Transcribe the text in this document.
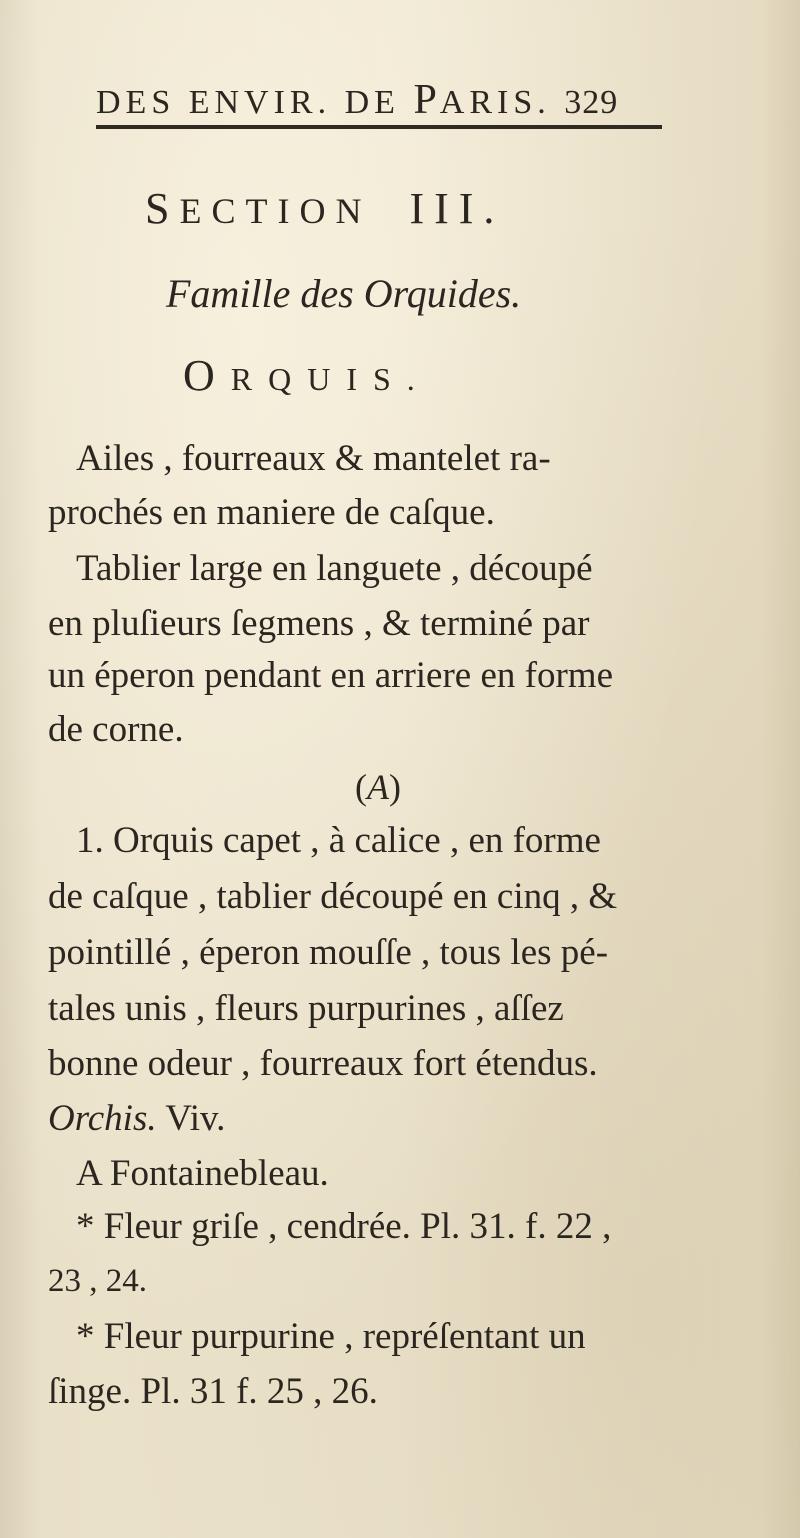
DES ENVIR. DE PARIS. 329
SECTION III.
Famille des Orquides.
ORQUIS.
Ailes , fourreaux & mantelet ra-
prochés en maniere de caſque.
Tablier large en languete , découpé
en pluſieurs ſegmens , & terminé par
un éperon pendant en arriere en forme
de corne.
(A)
1. Orquis capet , à calice , en forme
de caſque , tablier découpé en cinq , &
pointillé , éperon mouſſe , tous les pé-
tales unis , fleurs purpurines , aſſez
bonne odeur , fourreaux fort étendus.
Orchis. Viv.
A Fontainebleau.
* Fleur griſe , cendrée. Pl. 31. f. 22 ,
23 , 24.
* Fleur purpurine , repréſentant un
ſinge. Pl. 31 f. 25 , 26.
